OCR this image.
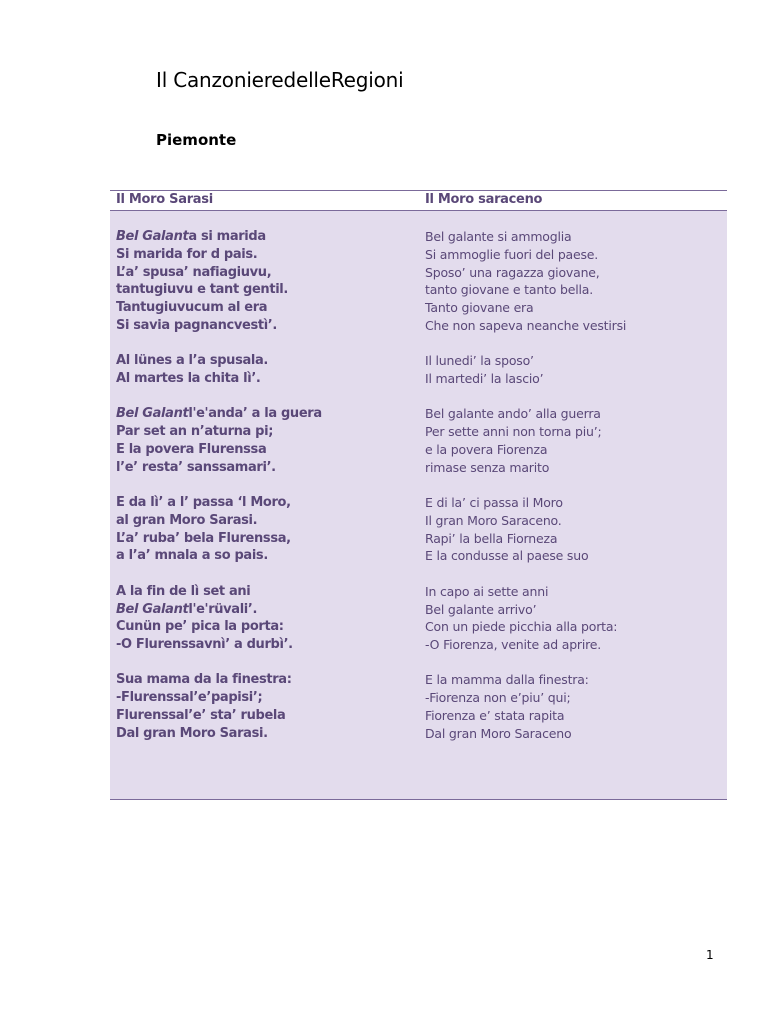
Il CanzonieredelleRegioni
Piemonte
Il Moro Sarasi	Il Moro saraceno
Bel Galanta si marida
Si marida for d pais.
L’a’ spusa’ nafiagiuvu,
tantugiuvu e tant gentil.
Tantugiuvucum al era
Si savia pagnancvestì’.
Al lünes a l’a spusala.
Al martes la chita lì’.
Bel Galantl'e'anda’ a la guera
Par set an n’aturna pi;
E la povera Flurenssa
l’e’ resta’ sanssamari’.
E da lì’ a l’ passa ‘l Moro,
al gran Moro Sarasi.
L’a’ ruba’ bela Flurenssa,
a l’a’ mnala a so pais.
A la fin de lì set ani
Bel Galantl'e'rüvali’.
Cunün pe’ pica la porta:
-O Flurenssavnì’ a durbì’.
Sua mama da la finestra:
-Flurenssal’e’papisi’;
Flurenssal’e’ sta’ rubela
Dal gran Moro Sarasi.
Bel galante si ammoglia
Si ammoglie fuori del paese.
Sposo’ una ragazza giovane,
tanto giovane e tanto bella.
Tanto giovane era
Che non sapeva neanche vestirsi
Il lunedi’ la sposo’
Il martedi’ la lascio’
Bel galante ando’ alla guerra
Per sette anni non torna piu’;
e la povera Fiorenza
rimase senza marito
E di la’ ci passa il Moro
Il gran Moro Saraceno.
Rapi’ la bella Fiorneza
E la condusse al paese suo
In capo ai sette anni
Bel galante arrivo’
Con un piede picchia alla porta:
-O Fiorenza, venite ad aprire.
E la mamma dalla finestra:
-Fiorenza non e’piu’ qui;
Fiorenza e’ stata rapita
Dal gran Moro Saraceno

1
